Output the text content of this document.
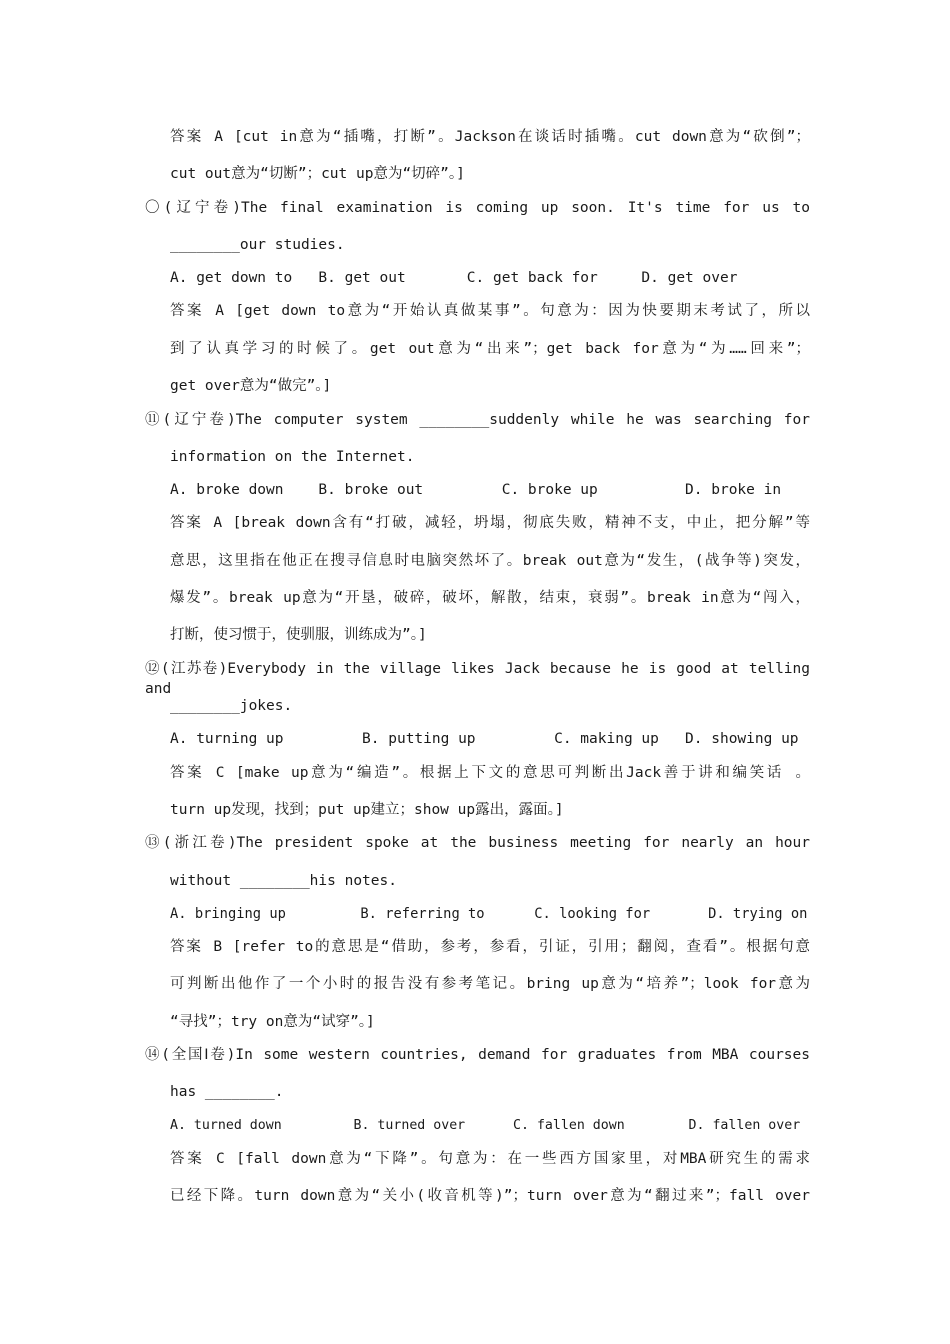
答案 A [cut in意为“插嘴，打断”。Jackson在谈话时插嘴。cut down意为“砍倒”；
cut out意为“切断”；cut up意为“切碎”。]
〇(辽宁卷)The final examination is coming up soon. It's time for us to
________our studies.
A. get down to   B. get out       C. get back for     D. get over
答案 A [get down to意为“开始认真做某事”。句意为：因为快要期末考试了，所以
到了认真学习的时候了。get out意为“出来”；get back for意为“为……回来”；
get over意为“做完”。]
⑪(辽宁卷)The computer system ________suddenly while he was searching for
information on the Internet.
A. broke down    B. broke out         C. broke up          D. broke in
答案 A [break down含有“打破，减轻，坍塌，彻底失败，精神不支，中止，把分解”等
意思，这里指在他正在搜寻信息时电脑突然坏了。break out意为“发生，(战争等)突发，
爆发”。break up意为“开垦，破碎，破坏，解散，结束，衰弱”。break in意为“闯入，
打断，使习惯于，使驯服，训练成为”。]
⑫(江苏卷)Everybody in the village likes Jack because he is good at telling and
________jokes.
A. turning up         B. putting up         C. making up   D. showing up
答案 C [make up意为“编造”。根据上下文的意思可判断出Jack善于讲和编笑话 。
turn up发现，找到；put up建立；show up露出，露面。]
⑬(浙江卷)The president spoke at the business meeting for nearly an hour
without ________his notes.
A. bringing up         B. referring to      C. looking for       D. trying on
答案 B [refer to的意思是“借助，参考，参看，引证，引用；翻阅，查看”。根据句意
可判断出他作了一个小时的报告没有参考笔记。bring up意为“培养”；look for意为
“寻找”；try on意为“试穿”。]
⑭(全国Ⅰ卷)In some western countries, demand for graduates from MBA courses
has ________.
A. turned down         B. turned over      C. fallen down        D. fallen over
答案 C [fall down意为“下降”。句意为：在一些西方国家里，对MBA研究生的需求
已经下降。turn down意为“关小(收音机等)”；turn over意为“翻过来”；fall over
